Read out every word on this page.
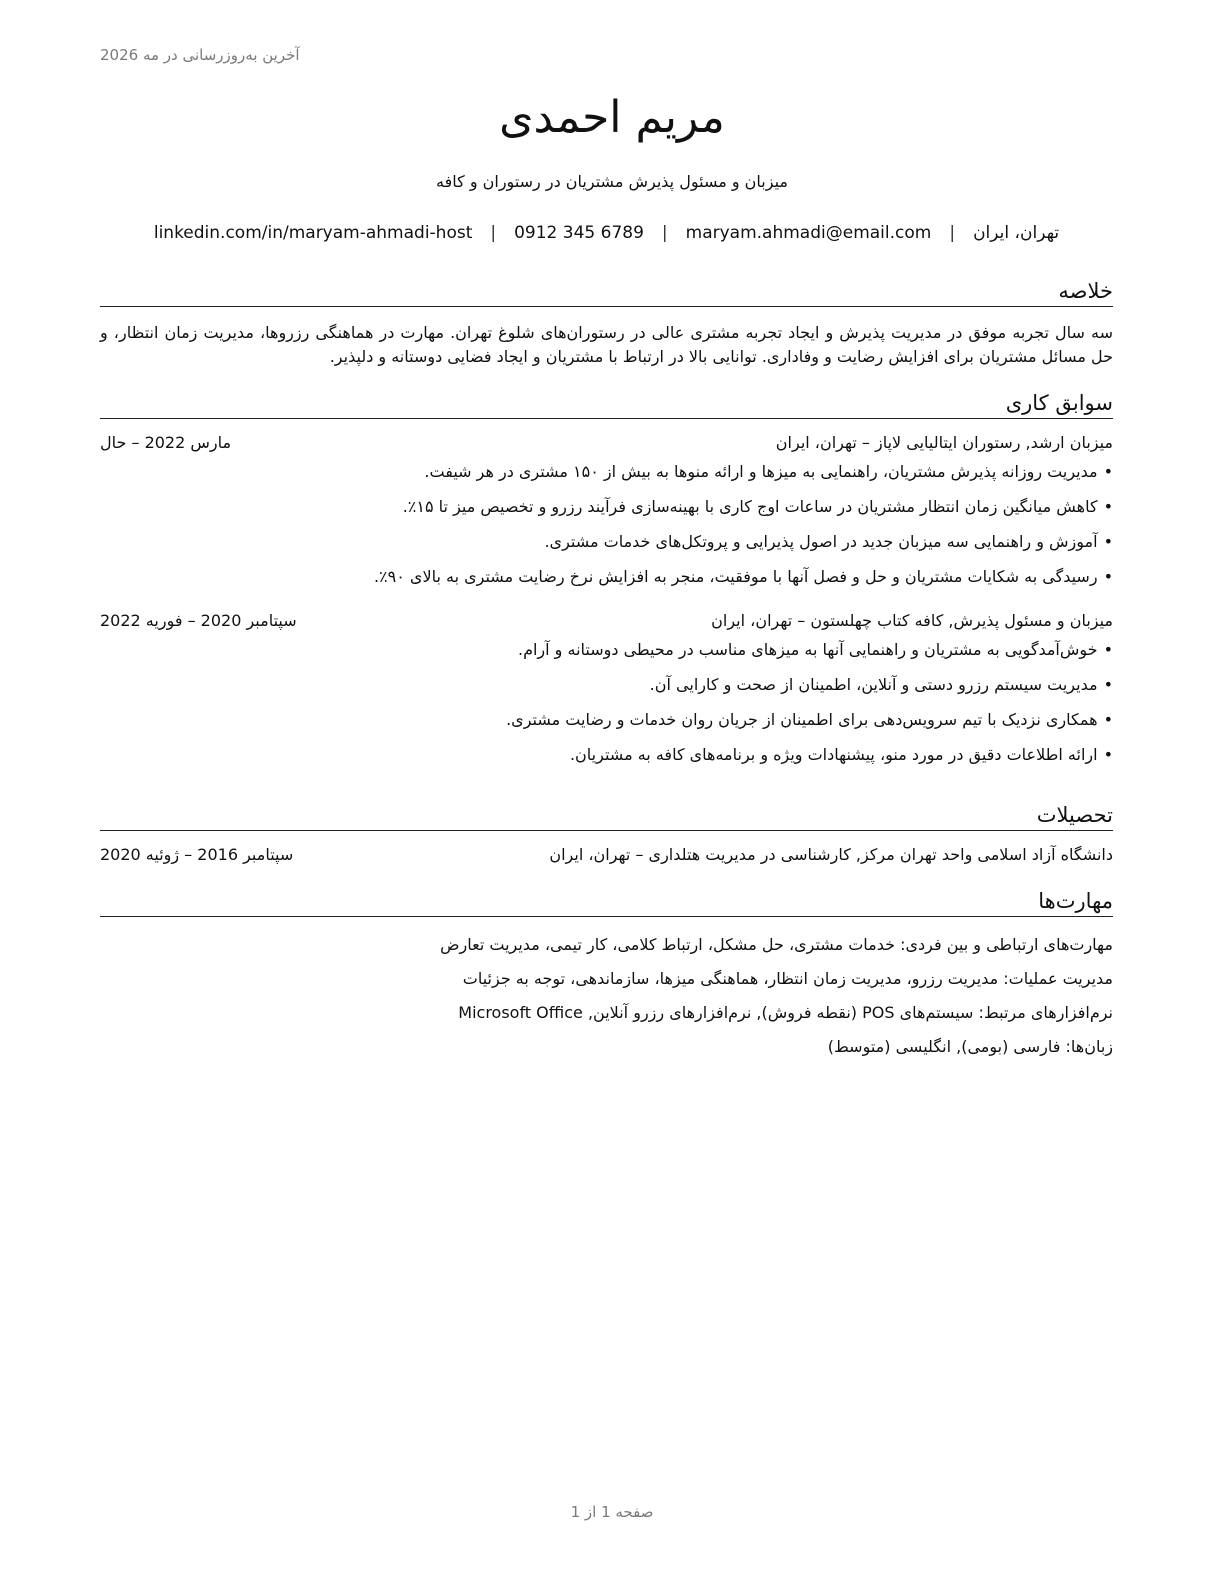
آخرین به‌روزرسانی در مه 2026
مریم احمدی
میزبان و مسئول پذیرش مشتریان در رستوران و کافه
تهران، ایران
|
maryam.ahmadi@email.com
|
0912 345 6789
|
linkedin.com/in/maryam-ahmadi-host
خلاصه
سه سال تجربه موفق در مدیریت پذیرش و ایجاد تجربه مشتری عالی در رستوران‌های شلوغ تهران. مهارت در هماهنگی رزروها، مدیریت زمان انتظار، و حل مسائل مشتریان برای افزایش رضایت و وفاداری. توانایی بالا در ارتباط با مشتریان و ایجاد فضایی دوستانه و دلپذیر.
سوابق کاری
میزبان ارشد, رستوران ایتالیایی لاپاز – تهران، ایران
مارس 2022 – حال
•مدیریت روزانه پذیرش مشتریان، راهنمایی به میزها و ارائه منوها به بیش از ۱۵۰ مشتری در هر شیفت.
•کاهش میانگین زمان انتظار مشتریان در ساعات اوج کاری با بهینه‌سازی فرآیند رزرو و تخصیص میز تا ۱۵٪.
•آموزش و راهنمایی سه میزبان جدید در اصول پذیرایی و پروتکل‌های خدمات مشتری.
•رسیدگی به شکایات مشتریان و حل و فصل آنها با موفقیت، منجر به افزایش نرخ رضایت مشتری به بالای ۹۰٪.
میزبان و مسئول پذیرش, کافه کتاب چهلستون – تهران، ایران
سپتامبر 2020 – فوریه 2022
•خوش‌آمدگویی به مشتریان و راهنمایی آنها به میزهای مناسب در محیطی دوستانه و آرام.
•مدیریت سیستم رزرو دستی و آنلاین، اطمینان از صحت و کارایی آن.
•همکاری نزدیک با تیم سرویس‌دهی برای اطمینان از جریان روان خدمات و رضایت مشتری.
•ارائه اطلاعات دقیق در مورد منو، پیشنهادات ویژه و برنامه‌های کافه به مشتریان.
تحصیلات
دانشگاه آزاد اسلامی واحد تهران مرکز, کارشناسی در مدیریت هتلداری – تهران، ایران
سپتامبر 2016 – ژوئیه 2020
مهارت‌ها
مهارت‌های ارتباطی و بین فردی: خدمات مشتری، حل مشکل، ارتباط کلامی، کار تیمی، مدیریت تعارض
مدیریت عملیات: مدیریت رزرو، مدیریت زمان انتظار، هماهنگی میزها، سازماندهی، توجه به جزئیات
نرم‌افزارهای مرتبط: سیستم‌های POS (نقطه فروش), نرم‌افزارهای رزرو آنلاین, Microsoft Office
زبان‌ها: فارسی (بومی), انگلیسی (متوسط)
صفحه 1 از 1
